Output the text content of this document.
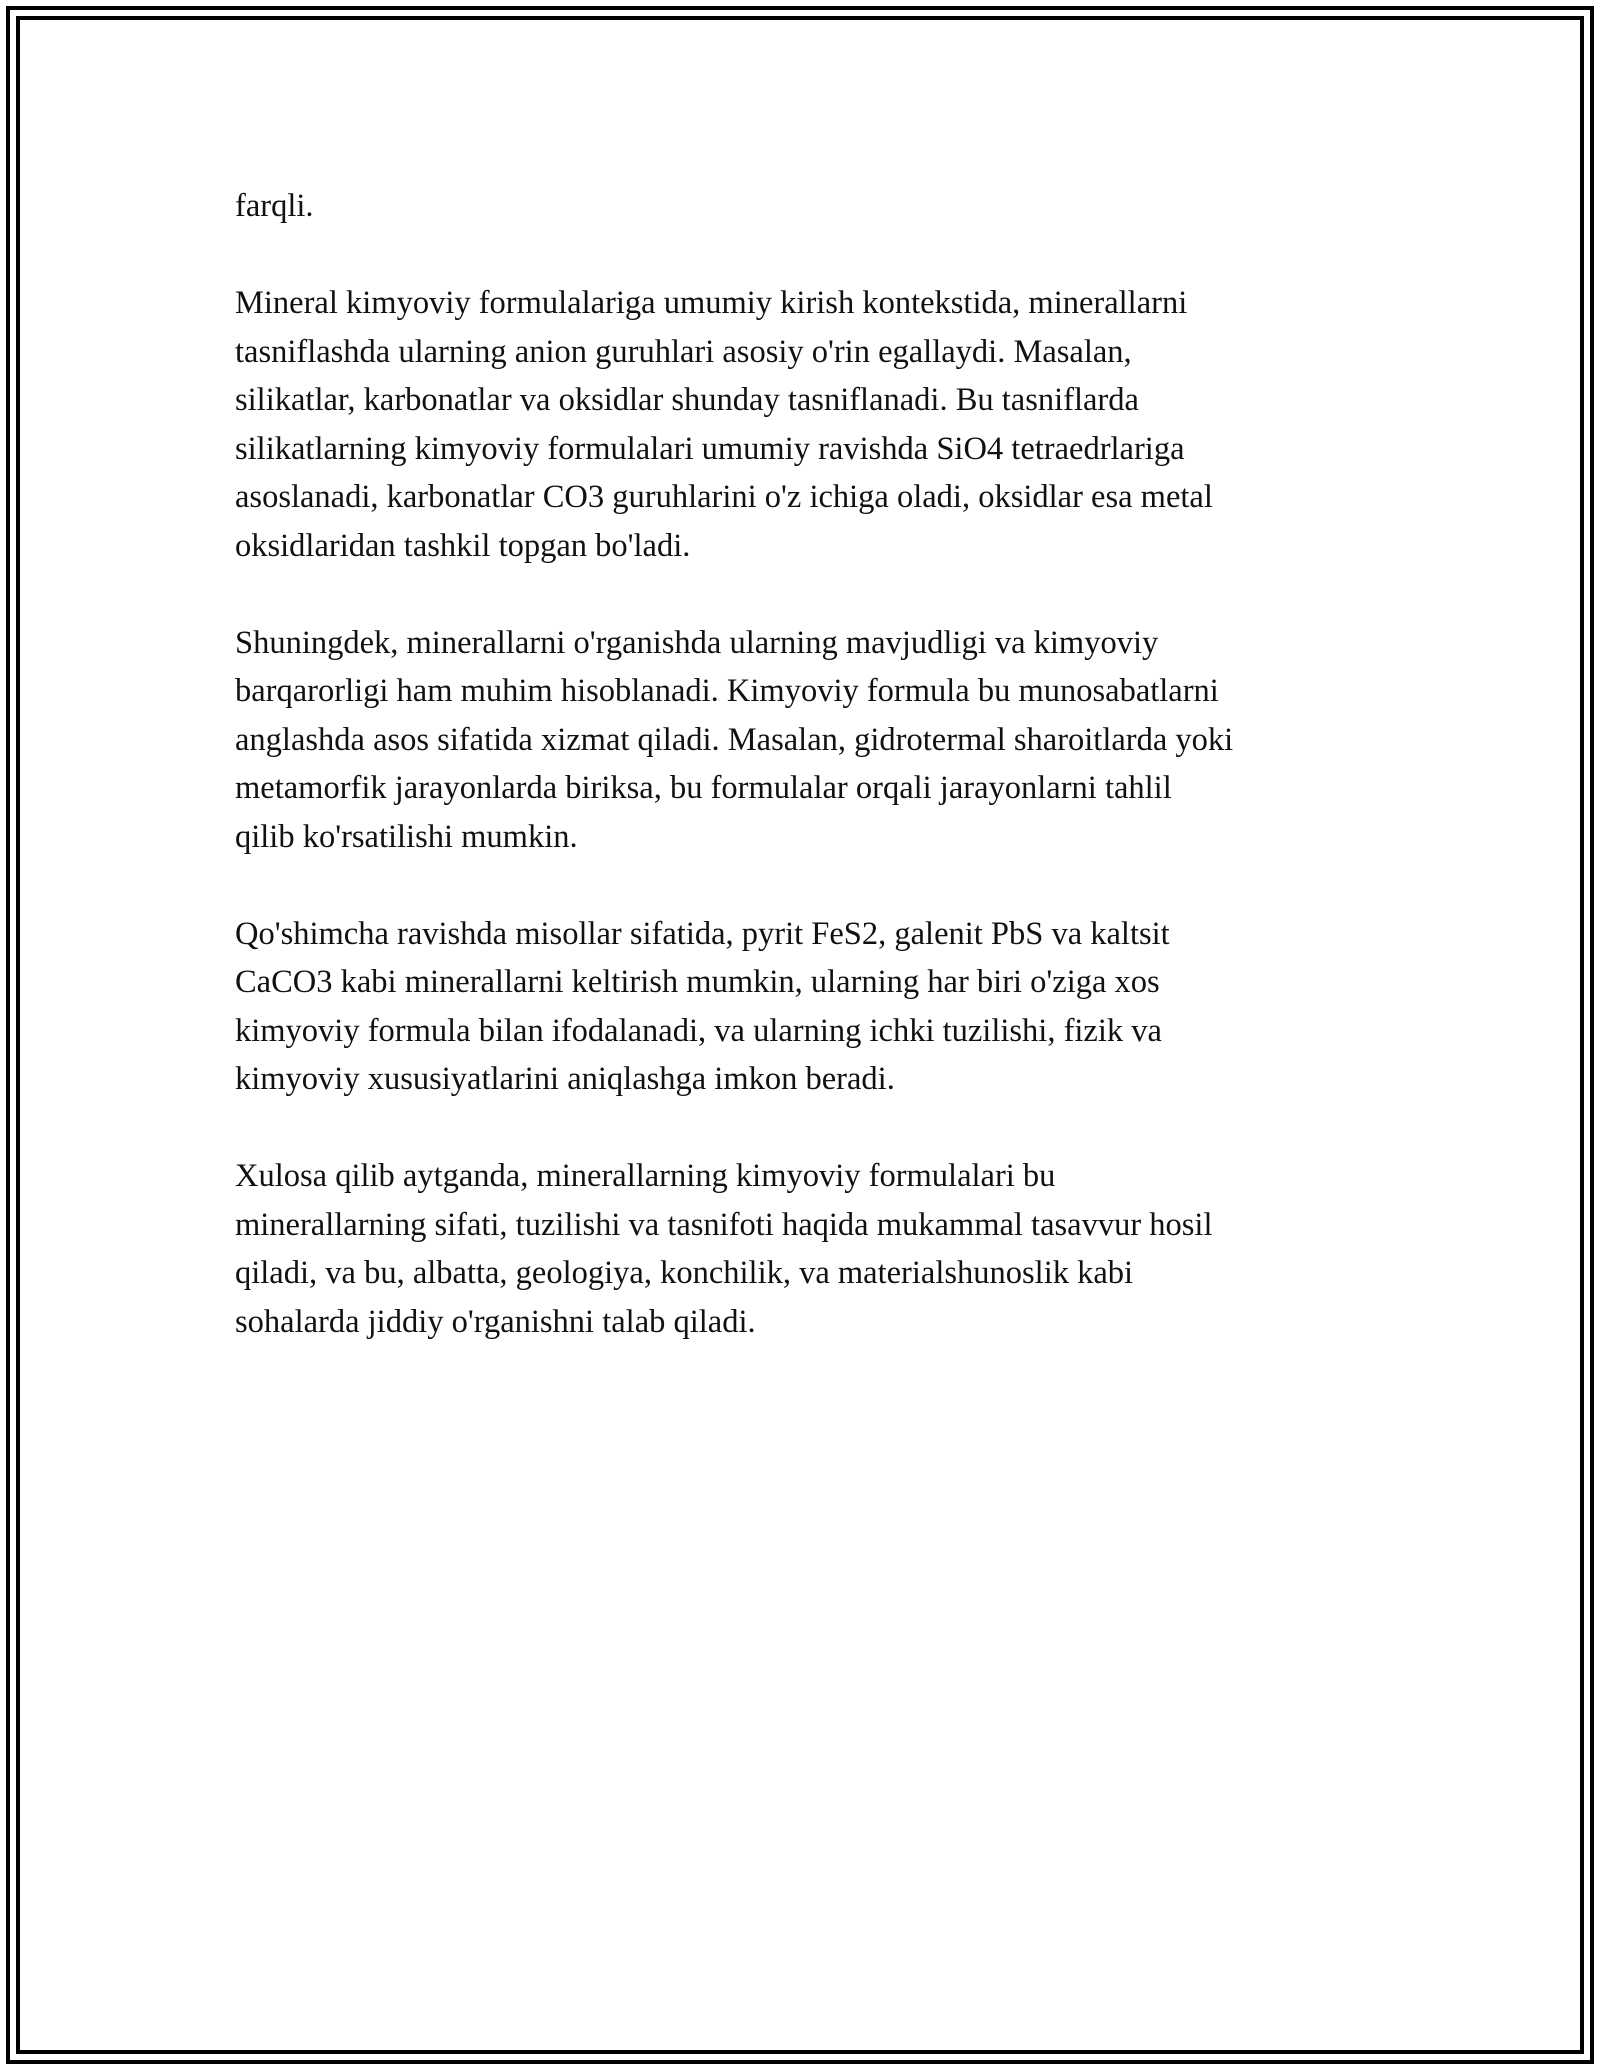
farqli.

Mineral kimyoviy formulalariga umumiy kirish kontekstida, minerallarni
tasniflashda ularning anion guruhlari asosiy o'rin egallaydi. Masalan,
silikatlar, karbonatlar va oksidlar shunday tasniflanadi. Bu tasniflarda
silikatlarning kimyoviy formulalari umumiy ravishda SiO4 tetraedrlariga
asoslanadi, karbonatlar CO3 guruhlarini o'z ichiga oladi, oksidlar esa metal
oksidlaridan tashkil topgan bo'ladi.

Shuningdek, minerallarni o'rganishda ularning mavjudligi va kimyoviy
barqarorligi ham muhim hisoblanadi. Kimyoviy formula bu munosabatlarni
anglashda asos sifatida xizmat qiladi. Masalan, gidrotermal sharoitlarda yoki
metamorfik jarayonlarda biriksa, bu formulalar orqali jarayonlarni tahlil
qilib ko'rsatilishi mumkin.

Qo'shimcha ravishda misollar sifatida, pyrit FeS2, galenit PbS va kaltsit
CaCO3 kabi minerallarni keltirish mumkin, ularning har biri o'ziga xos
kimyoviy formula bilan ifodalanadi, va ularning ichki tuzilishi, fizik va
kimyoviy xususiyatlarini aniqlashga imkon beradi.

Xulosa qilib aytganda, minerallarning kimyoviy formulalari bu
minerallarning sifati, tuzilishi va tasnifoti haqida mukammal tasavvur hosil
qiladi, va bu, albatta, geologiya, konchilik, va materialshunoslik kabi
sohalarda jiddiy o'rganishni talab qiladi.
